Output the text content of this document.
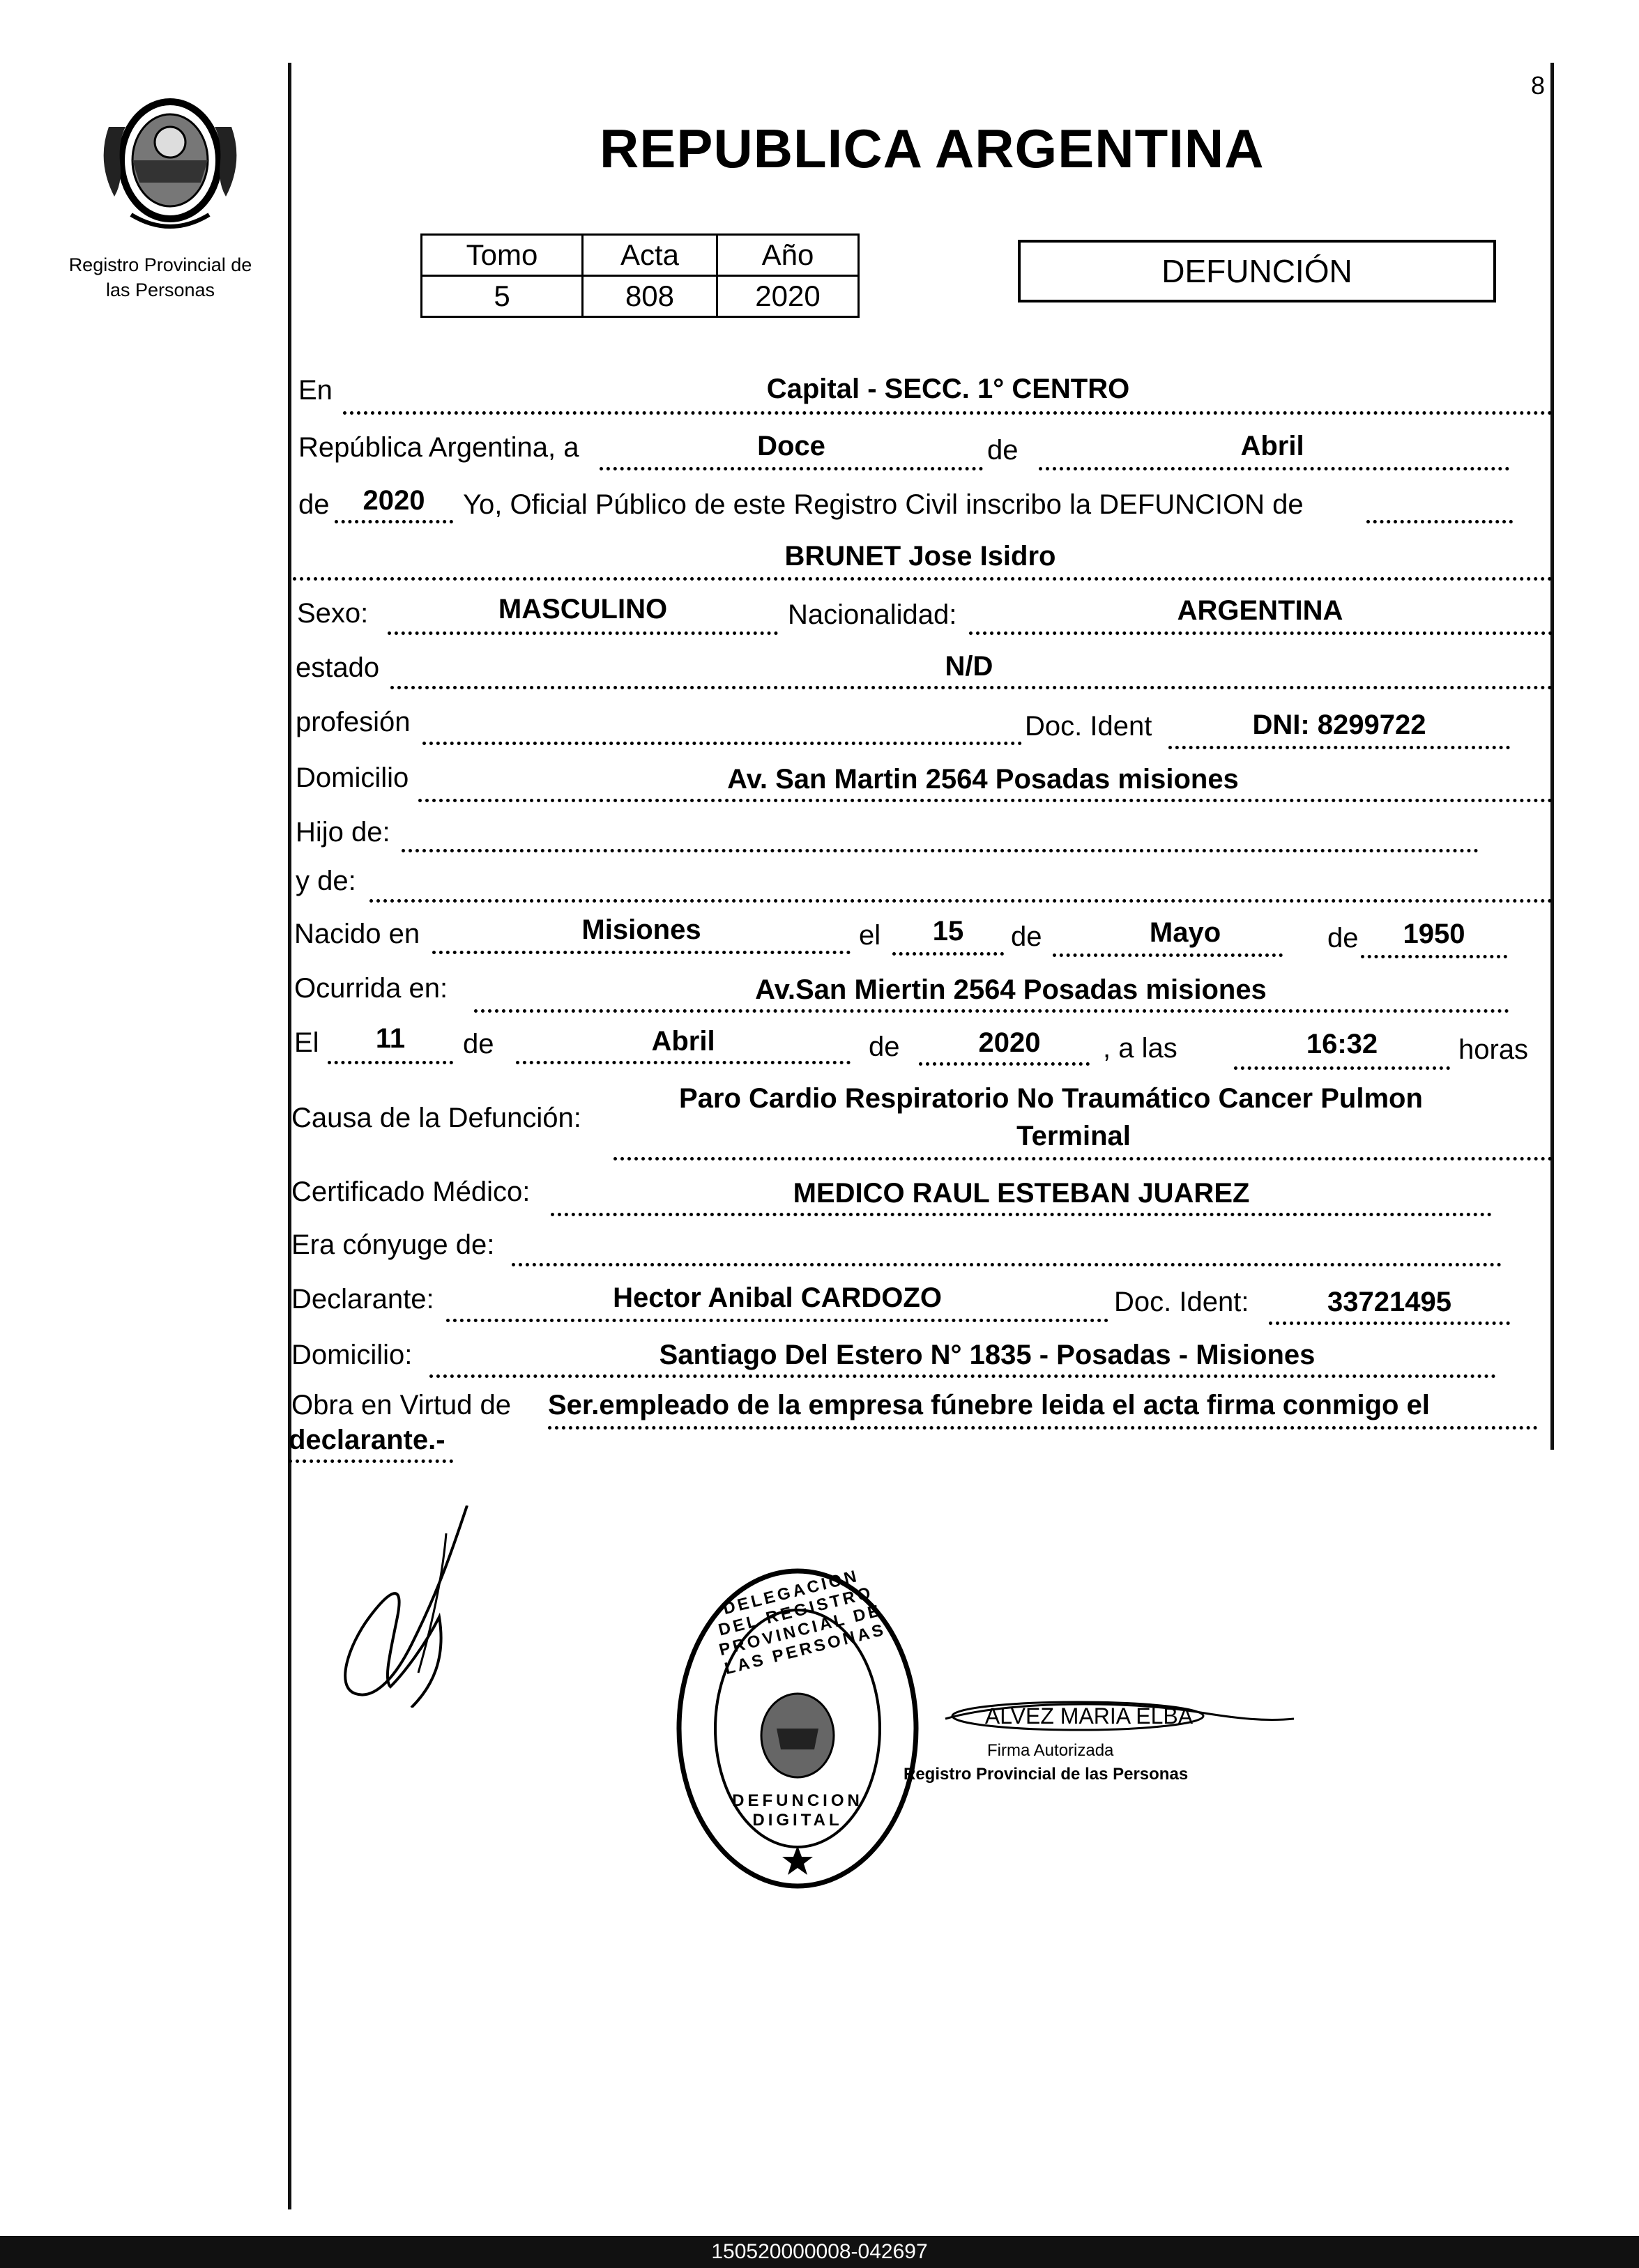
8
Registro Provincial de
las Personas
REPUBLICA ARGENTINA
Tomo	Acta	Año
5	808	2020
DEFUNCIÓN
En	Capital - SECC. 1° CENTRO
República Argentina, a	Doce	de	Abril
de	2020	Yo, Oficial Público de este Registro Civil inscribo la DEFUNCION de
BRUNET Jose Isidro
Sexo:	MASCULINO	Nacionalidad:	ARGENTINA
estado	N/D
profesión	Doc. Ident	DNI: 8299722
Domicilio	Av. San Martin 2564 Posadas misiones
Hijo de:
y de:
Nacido en	Misiones	el	15	de	Mayo	de	1950
Ocurrida en:	Av.San Miertin 2564 Posadas misiones
El	11	de	Abril	de	2020	, a las	16:32	horas
Causa de la Defunción:
Paro Cardio Respiratorio No Traumático Cancer Pulmon
Terminal
Certificado Médico:	MEDICO RAUL ESTEBAN JUAREZ
Era cónyuge de:
Declarante:	Hector Anibal CARDOZO	Doc. Ident:	33721495
Domicilio:	Santiago Del Estero N° 1835 - Posadas - Misiones
Obra en Virtud de Ser.empleado de la empresa fúnebre leida el acta firma conmigo el
declarante.-
DELEGACION DEL REGISTRO PROVINCIAL DE LAS PERSONAS
DEFUNCION DIGITAL
ALVEZ MARIA ELBA
Firma Autorizada
Registro Provincial de las Personas
150520000008-042697
